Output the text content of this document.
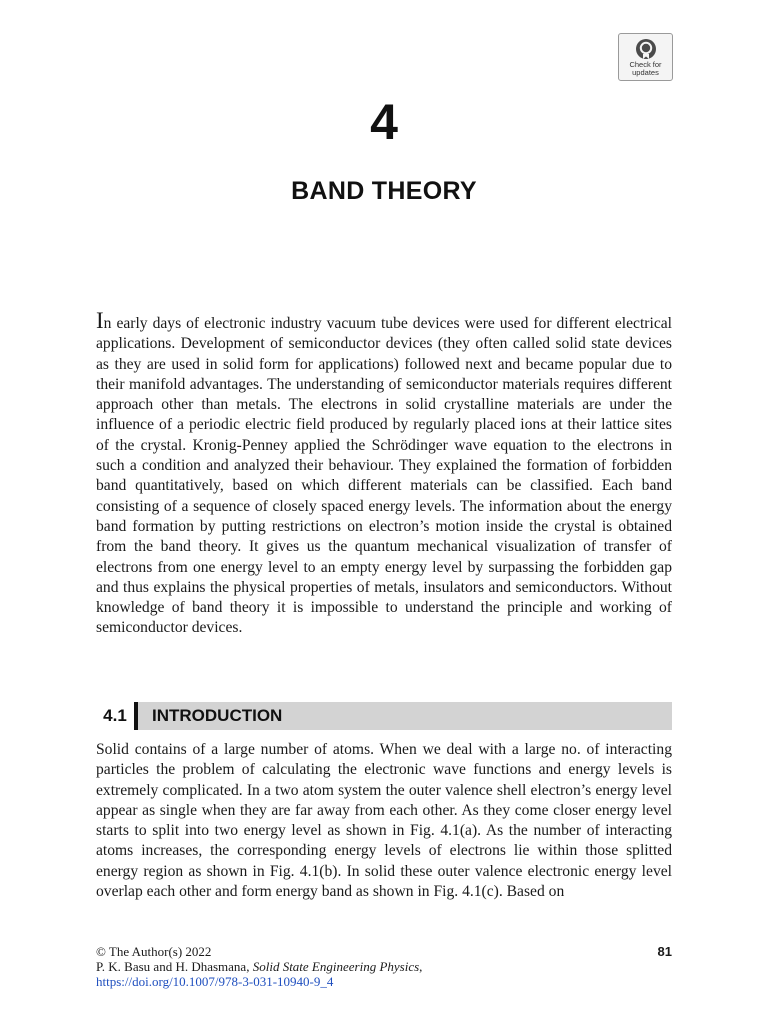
Check for
updates
4
BAND THEORY

In early days of electronic industry vacuum tube devices were used for different electrical applications. Development of semiconductor devices (they often called solid state devices as they are used in solid form for applications) followed next and became popular due to their manifold advantages. The understanding of semiconductor materials requires different approach other than metals. The electrons in solid crystalline materials are under the influence of a periodic electric field produced by regularly placed ions at their lattice sites of the crystal. Kronig-Penney applied the Schrödinger wave equation to the electrons in such a condition and analyzed their behaviour. They explained the formation of forbidden band quantitatively, based on which different materials can be classified. Each band consisting of a sequence of closely spaced energy levels. The information about the energy band formation by putting restrictions on electron’s motion inside the crystal is obtained from the band theory. It gives us the quantum mechanical visualization of transfer of electrons from one energy level to an empty energy level by surpassing the forbidden gap and thus explains the physical properties of metals, insulators and semiconductors. Without knowledge of band theory it is impossible to understand the principle and working of semiconductor devices.

4.1	INTRODUCTION

Solid contains of a large number of atoms. When we deal with a large no. of interacting particles the problem of calculating the electronic wave functions and energy levels is extremely complicated. In a two atom system the outer valence shell electron’s energy level appear as single when they are far away from each other. As they come closer energy level starts to split into two energy level as shown in Fig. 4.1(a). As the number of interacting atoms increases, the corresponding energy levels of electrons lie within those splitted energy region as shown in Fig. 4.1(b). In solid these outer valence electronic energy level overlap each other and form energy band as shown in Fig. 4.1(c). Based on

© The Author(s) 2022	81
P. K. Basu and H. Dhasmana, Solid State Engineering Physics,
https://doi.org/10.1007/978-3-031-10940-9_4
